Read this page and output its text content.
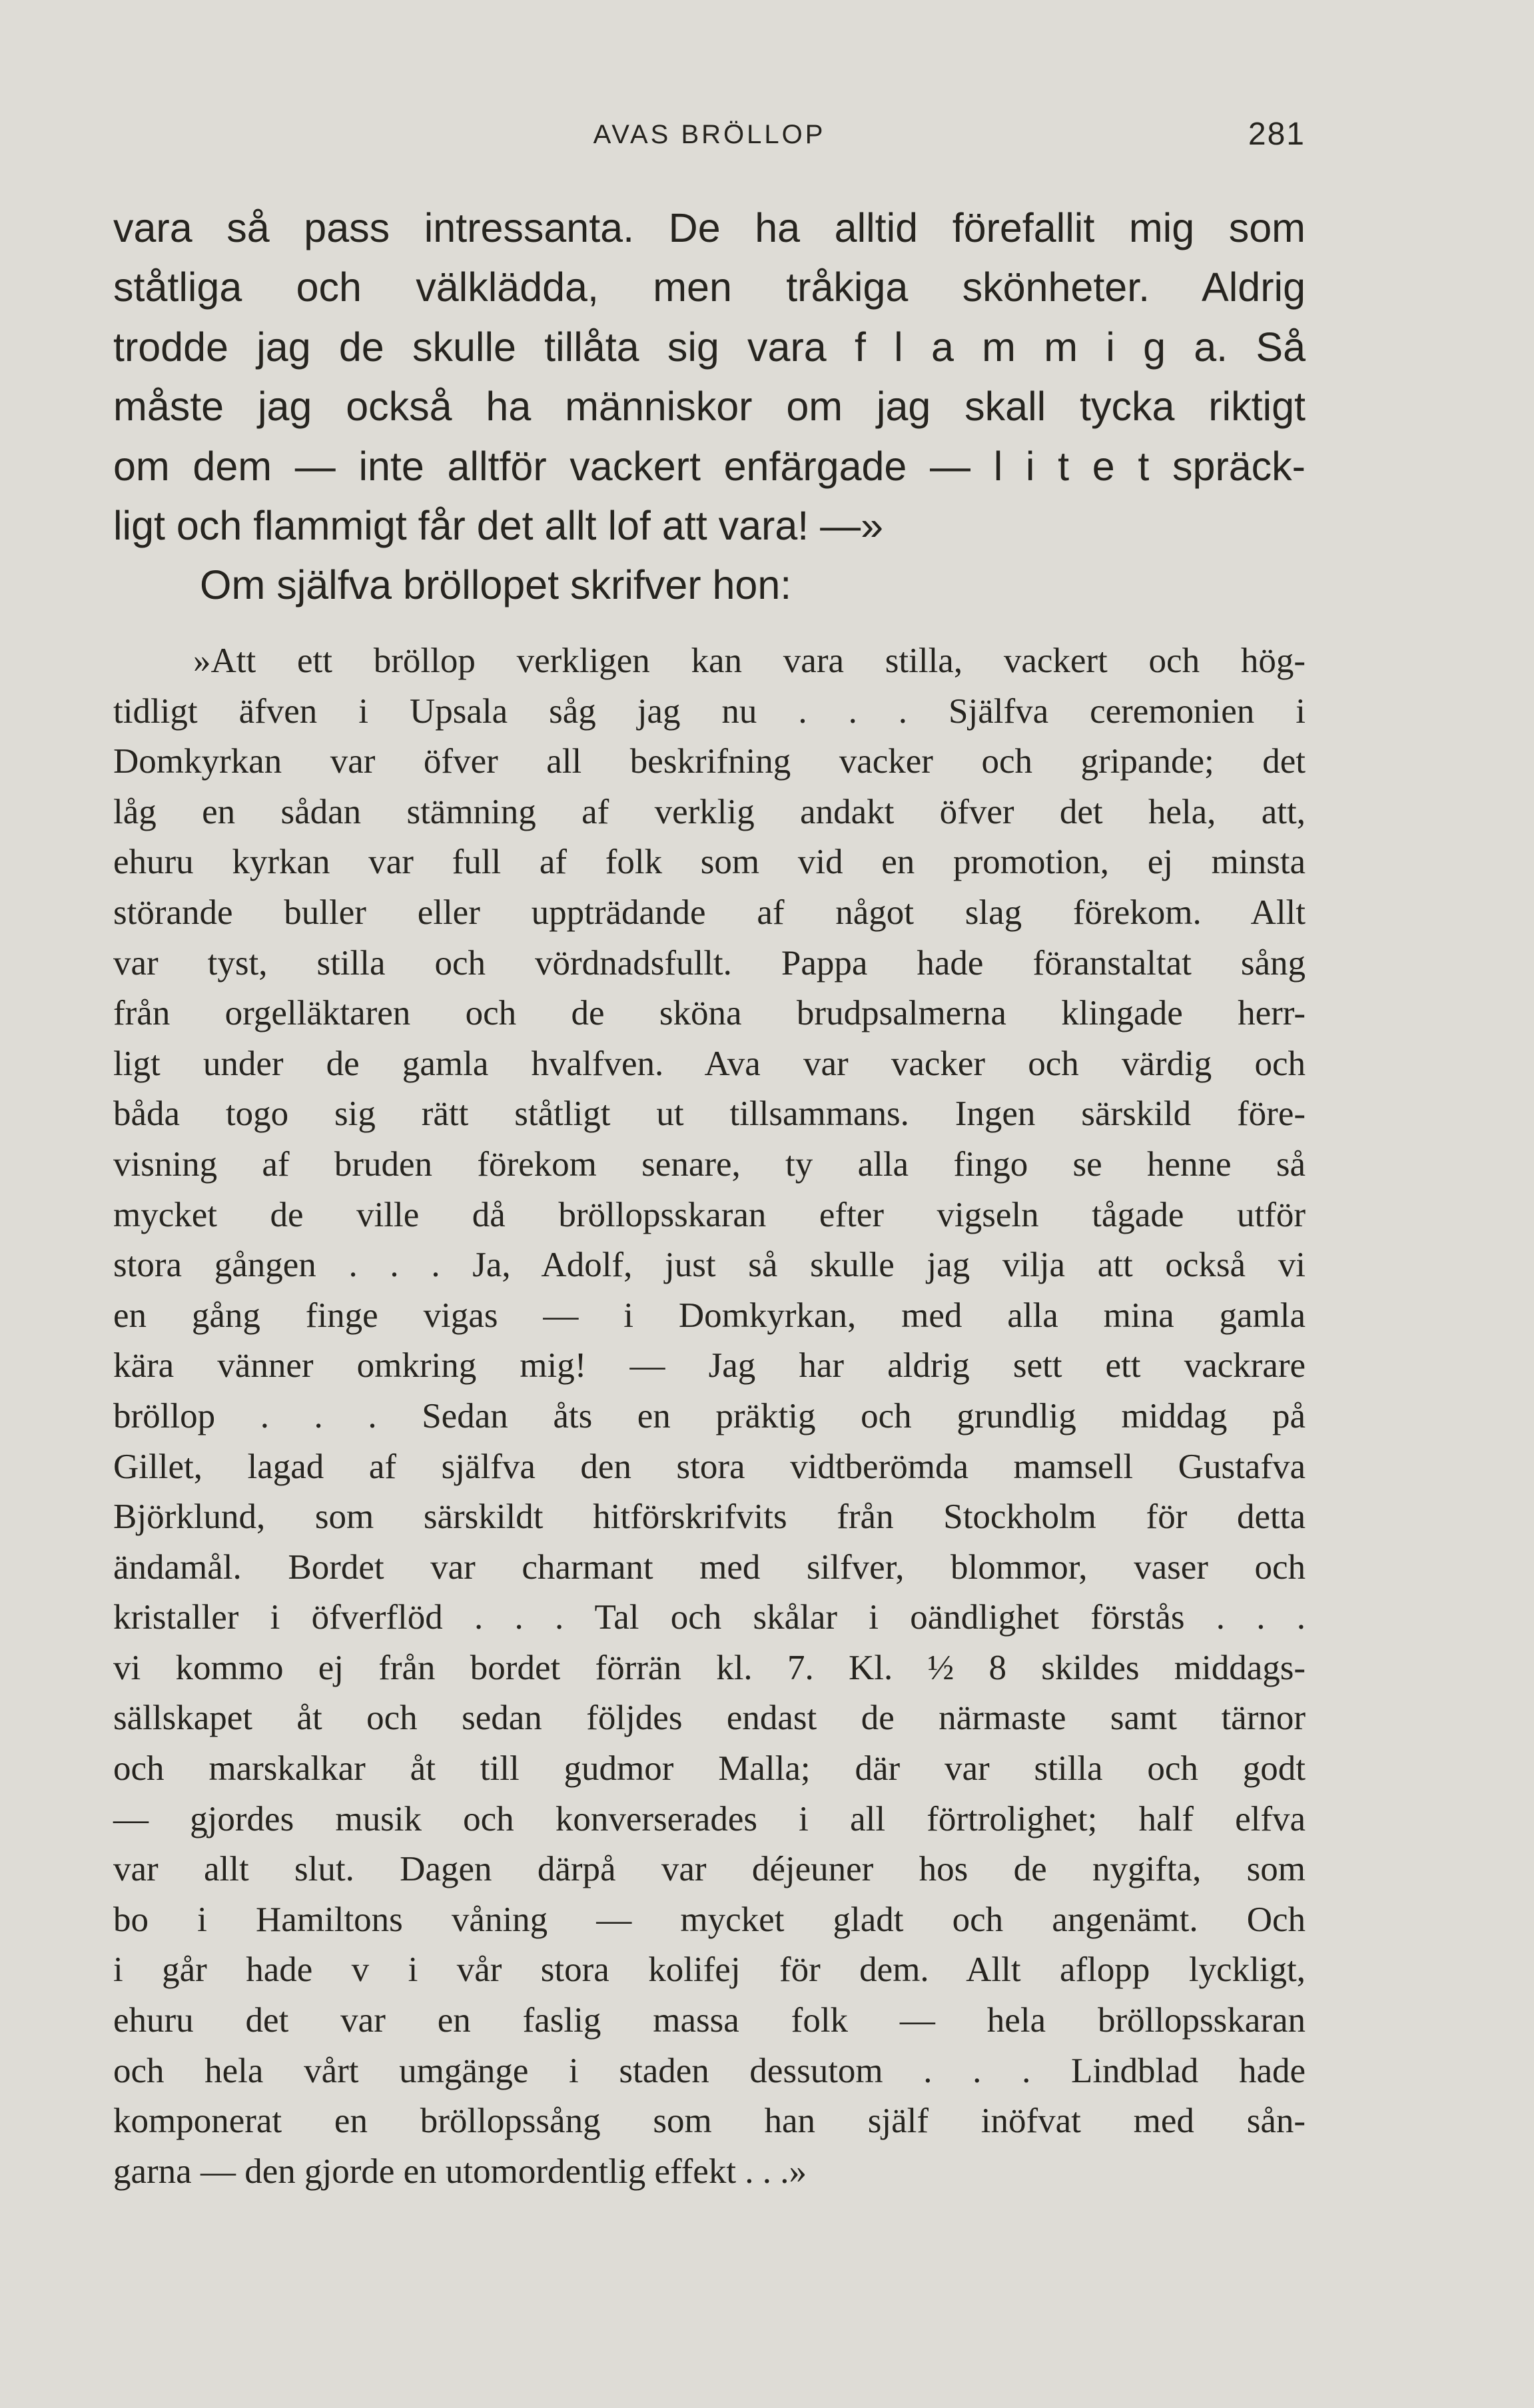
AVAS BRÖLLOP	281
vara så pass intressanta. De ha alltid förefallit mig som
ståtliga och välklädda, men tråkiga skönheter. Aldrig
trodde jag de skulle tillåta sig vara f l a m m i g a. Så
måste jag också ha människor om jag skall tycka riktigt
om dem — inte alltför vackert enfärgade — l i t e t spräck-
ligt och flammigt får det allt lof att vara! —»
Om själfva bröllopet skrifver hon:
»Att ett bröllop verkligen kan vara stilla, vackert och hög-
tidligt äfven i Upsala såg jag nu . . . Själfva ceremonien i
Domkyrkan var öfver all beskrifning vacker och gripande; det
låg en sådan stämning af verklig andakt öfver det hela, att,
ehuru kyrkan var full af folk som vid en promotion, ej minsta
störande buller eller uppträdande af något slag förekom. Allt
var tyst, stilla och vördnadsfullt. Pappa hade föranstaltat sång
från orgelläktaren och de sköna brudpsalmerna klingade herr-
ligt under de gamla hvalfven. Ava var vacker och värdig och
båda togo sig rätt ståtligt ut tillsammans. Ingen särskild före-
visning af bruden förekom senare, ty alla fingo se henne så
mycket de ville då bröllopsskaran efter vigseln tågade utför
stora gången . . . Ja, Adolf, just så skulle jag vilja att också vi
en gång finge vigas — i Domkyrkan, med alla mina gamla
kära vänner omkring mig! — Jag har aldrig sett ett vackrare
bröllop . . . Sedan åts en präktig och grundlig middag på
Gillet, lagad af själfva den stora vidtberömda mamsell Gustafva
Björklund, som särskildt hitförskrifvits från Stockholm för detta
ändamål. Bordet var charmant med silfver, blommor, vaser och
kristaller i öfverflöd . . . Tal och skålar i oändlighet förstås . . .
vi kommo ej från bordet förrän kl. 7. Kl. ½ 8 skildes middags-
sällskapet åt och sedan följdes endast de närmaste samt tärnor
och marskalkar åt till gudmor Malla; där var stilla och godt
— gjordes musik och konverserades i all förtrolighet; half elfva
var allt slut. Dagen därpå var déjeuner hos de nygifta, som
bo i Hamiltons våning — mycket gladt och angenämt. Och
i går hade v i vår stora kolifej för dem. Allt aflopp lyckligt,
ehuru det var en faslig massa folk — hela bröllopsskaran
och hela vårt umgänge i staden dessutom . . . Lindblad hade
komponerat en bröllopssång som han själf inöfvat med sån-
garna — den gjorde en utomordentlig effekt . . .»
